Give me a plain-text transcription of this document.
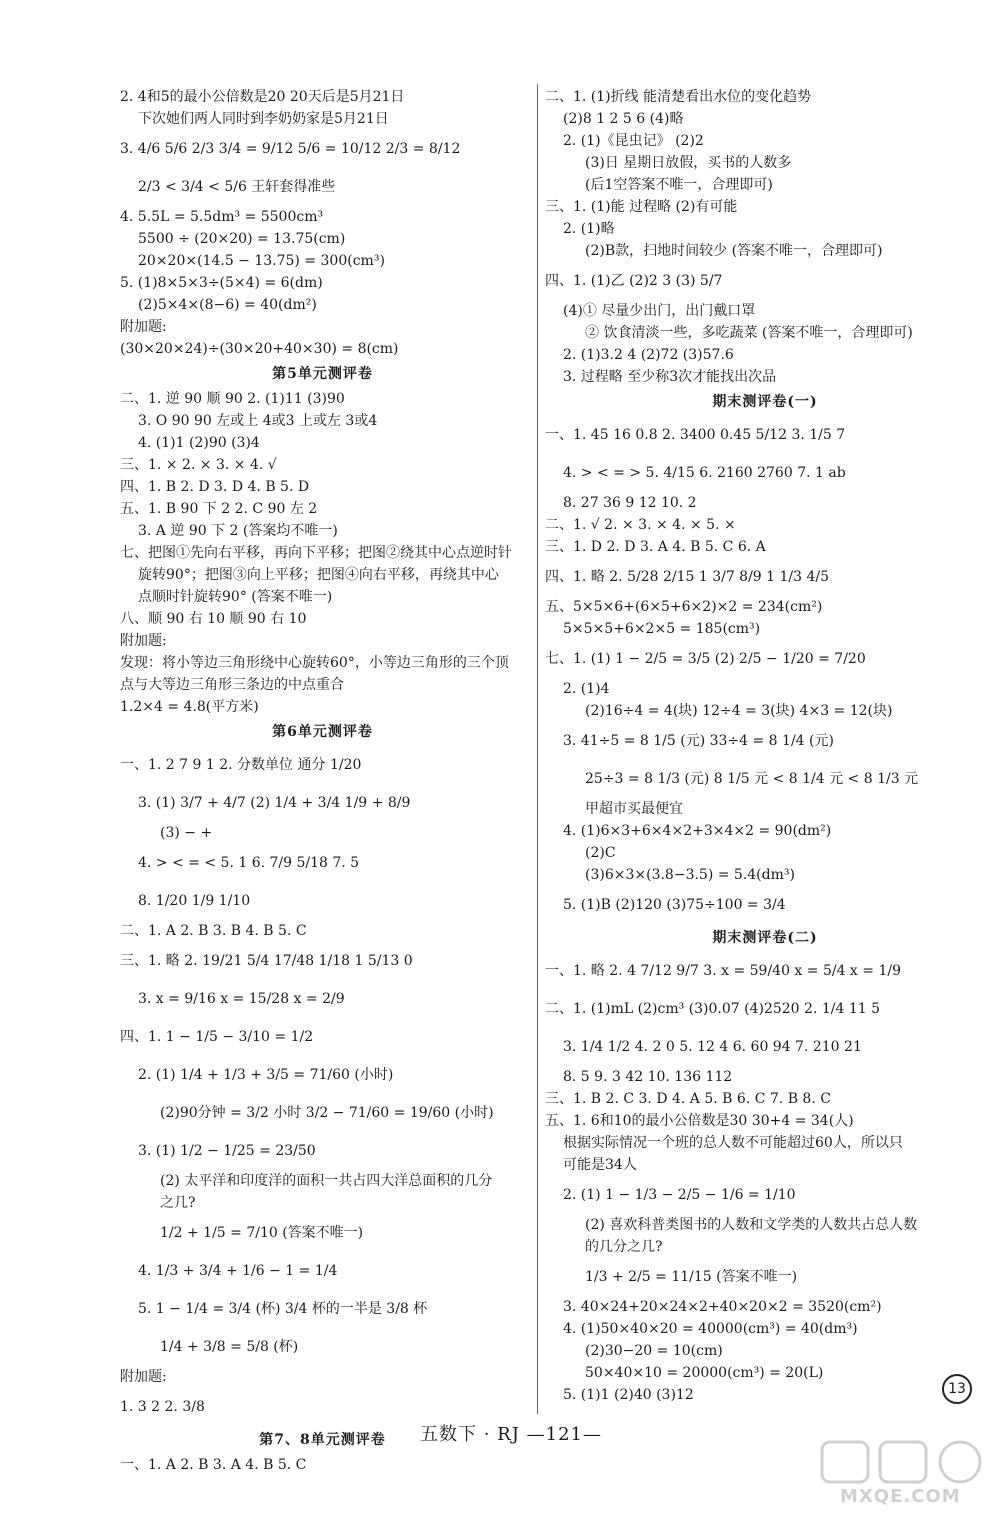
2. 4和5的最小公倍数是20 20天后是5月21日
下次她们两人同时到李奶奶家是5月21日
3. 4/6 5/6 2/3 3/4 = 9/12 5/6 = 10/12 2/3 = 8/12
2/3 < 3/4 < 5/6 王轩套得准些
4. 5.5L = 5.5dm³ = 5500cm³
5500 ÷ (20×20) = 13.75(cm)
20×20×(14.5 − 13.75) = 300(cm³)
5. (1)8×5×3÷(5×4) = 6(dm)
(2)5×4×(8−6) = 40(dm²)
附加题:
(30×20×24)÷(30×20+40×30) = 8(cm)
第5单元测评卷
二、1. 逆 90 顺 90 2. (1)11 (3)90
3. O 90 90 左或上 4或3 上或左 3或4
4. (1)1 (2)90 (3)4
三、1. × 2. × 3. × 4. √
四、1. B 2. D 3. D 4. B 5. D
五、1. B 90 下 2 2. C 90 左 2
3. A 逆 90 下 2 (答案均不唯一)
七、把图①先向右平移，再向下平移；把图②绕其中心点逆时针
旋转90°；把图③向上平移；把图④向右平移，再绕其中心
点顺时针旋转90° (答案不唯一)
八、顺 90 右 10 顺 90 右 10
附加题:
发现：将小等边三角形绕中心旋转60°，小等边三角形的三个顶
点与大等边三角形三条边的中点重合
1.2×4 = 4.8(平方米)
第6单元测评卷
一、1. 2 7 9 1 2. 分数单位 通分 1/20
3. (1) 3/7 + 4/7 (2) 1/4 + 3/4 1/9 + 8/9
(3) − +
4. > < = < 5. 1 6. 7/9 5/18 7. 5
8. 1/20 1/9 1/10
二、1. A 2. B 3. B 4. B 5. C
三、1. 略 2. 19/21 5/4 17/48 1/18 1 5/13 0
3. x = 9/16 x = 15/28 x = 2/9
四、1. 1 − 1/5 − 3/10 = 1/2
2. (1) 1/4 + 1/3 + 3/5 = 71/60 (小时)
(2)90分钟 = 3/2 小时 3/2 − 71/60 = 19/60 (小时)
3. (1) 1/2 − 1/25 = 23/50
(2) 太平洋和印度洋的面积一共占四大洋总面积的几分
之几?
1/2 + 1/5 = 7/10 (答案不唯一)
4. 1/3 + 3/4 + 1/6 − 1 = 1/4
5. 1 − 1/4 = 3/4 (杯) 3/4 杯的一半是 3/8 杯
1/4 + 3/8 = 5/8 (杯)
附加题:
1. 3 2 2. 3/8
第7、8单元测评卷
一、1. A 2. B 3. A 4. B 5. C
二、1. (1)折线 能清楚看出水位的变化趋势
(2)8 1 2 5 6 (4)略
2. (1)《昆虫记》 (2)2
(3)日 星期日放假，买书的人数多
(后1空答案不唯一，合理即可)
三、1. (1)能 过程略 (2)有可能
2. (1)略
(2)B款，扫地时间较少 (答案不唯一，合理即可)
四、1. (1)乙 (2)2 3 (3) 5/7
(4)① 尽量少出门，出门戴口罩
② 饮食清淡一些，多吃蔬菜 (答案不唯一，合理即可)
2. (1)3.2 4 (2)72 (3)57.6
3. 过程略 至少称3次才能找出次品
期末测评卷(一)
一、1. 45 16 0.8 2. 3400 0.45 5/12 3. 1/5 7
4. > < = > 5. 4/15 6. 2160 2760 7. 1 ab
8. 27 36 9 12 10. 2
二、1. √ 2. × 3. × 4. × 5. ×
三、1. D 2. D 3. A 4. B 5. C 6. A
四、1. 略 2. 5/28 2/15 1 3/7 8/9 1 1/3 4/5
五、5×5×6+(6×5+6×2)×2 = 234(cm²)
5×5×5+6×2×5 = 185(cm³)
七、1. (1) 1 − 2/5 = 3/5 (2) 2/5 − 1/20 = 7/20
2. (1)4
(2)16÷4 = 4(块) 12÷4 = 3(块) 4×3 = 12(块)
3. 41÷5 = 8 1/5 (元) 33÷4 = 8 1/4 (元)
25÷3 = 8 1/3 (元) 8 1/5 元 < 8 1/4 元 < 8 1/3 元
甲超市买最便宜
4. (1)6×3+6×4×2+3×4×2 = 90(dm²)
(2)C
(3)6×3×(3.8−3.5) = 5.4(dm³)
5. (1)B (2)120 (3)75÷100 = 3/4
期末测评卷(二)
一、1. 略 2. 4 7/12 9/7 3. x = 59/40 x = 5/4 x = 1/9
二、1. (1)mL (2)cm³ (3)0.07 (4)2520 2. 1/4 11 5
3. 1/4 1/2 4. 2 0 5. 12 4 6. 60 94 7. 210 21
8. 5 9. 3 42 10. 136 112
三、1. B 2. C 3. D 4. A 5. B 6. C 7. B 8. C
五、1. 6和10的最小公倍数是30 30+4 = 34(人)
根据实际情况一个班的总人数不可能超过60人，所以只
可能是34人
2. (1) 1 − 1/3 − 2/5 − 1/6 = 1/10
(2) 喜欢科普类图书的人数和文学类的人数共占总人数
的几分之几?
1/3 + 2/5 = 11/15 (答案不唯一)
3. 40×24+20×24×2+40×20×2 = 3520(cm²)
4. (1)50×40×20 = 40000(cm³) = 40(dm³)
(2)30−20 = 10(cm)
50×40×10 = 20000(cm³) = 20(L)
5. (1)1 (2)40 (3)12	13
五数下 · RJ —121—
MXQE.COM
